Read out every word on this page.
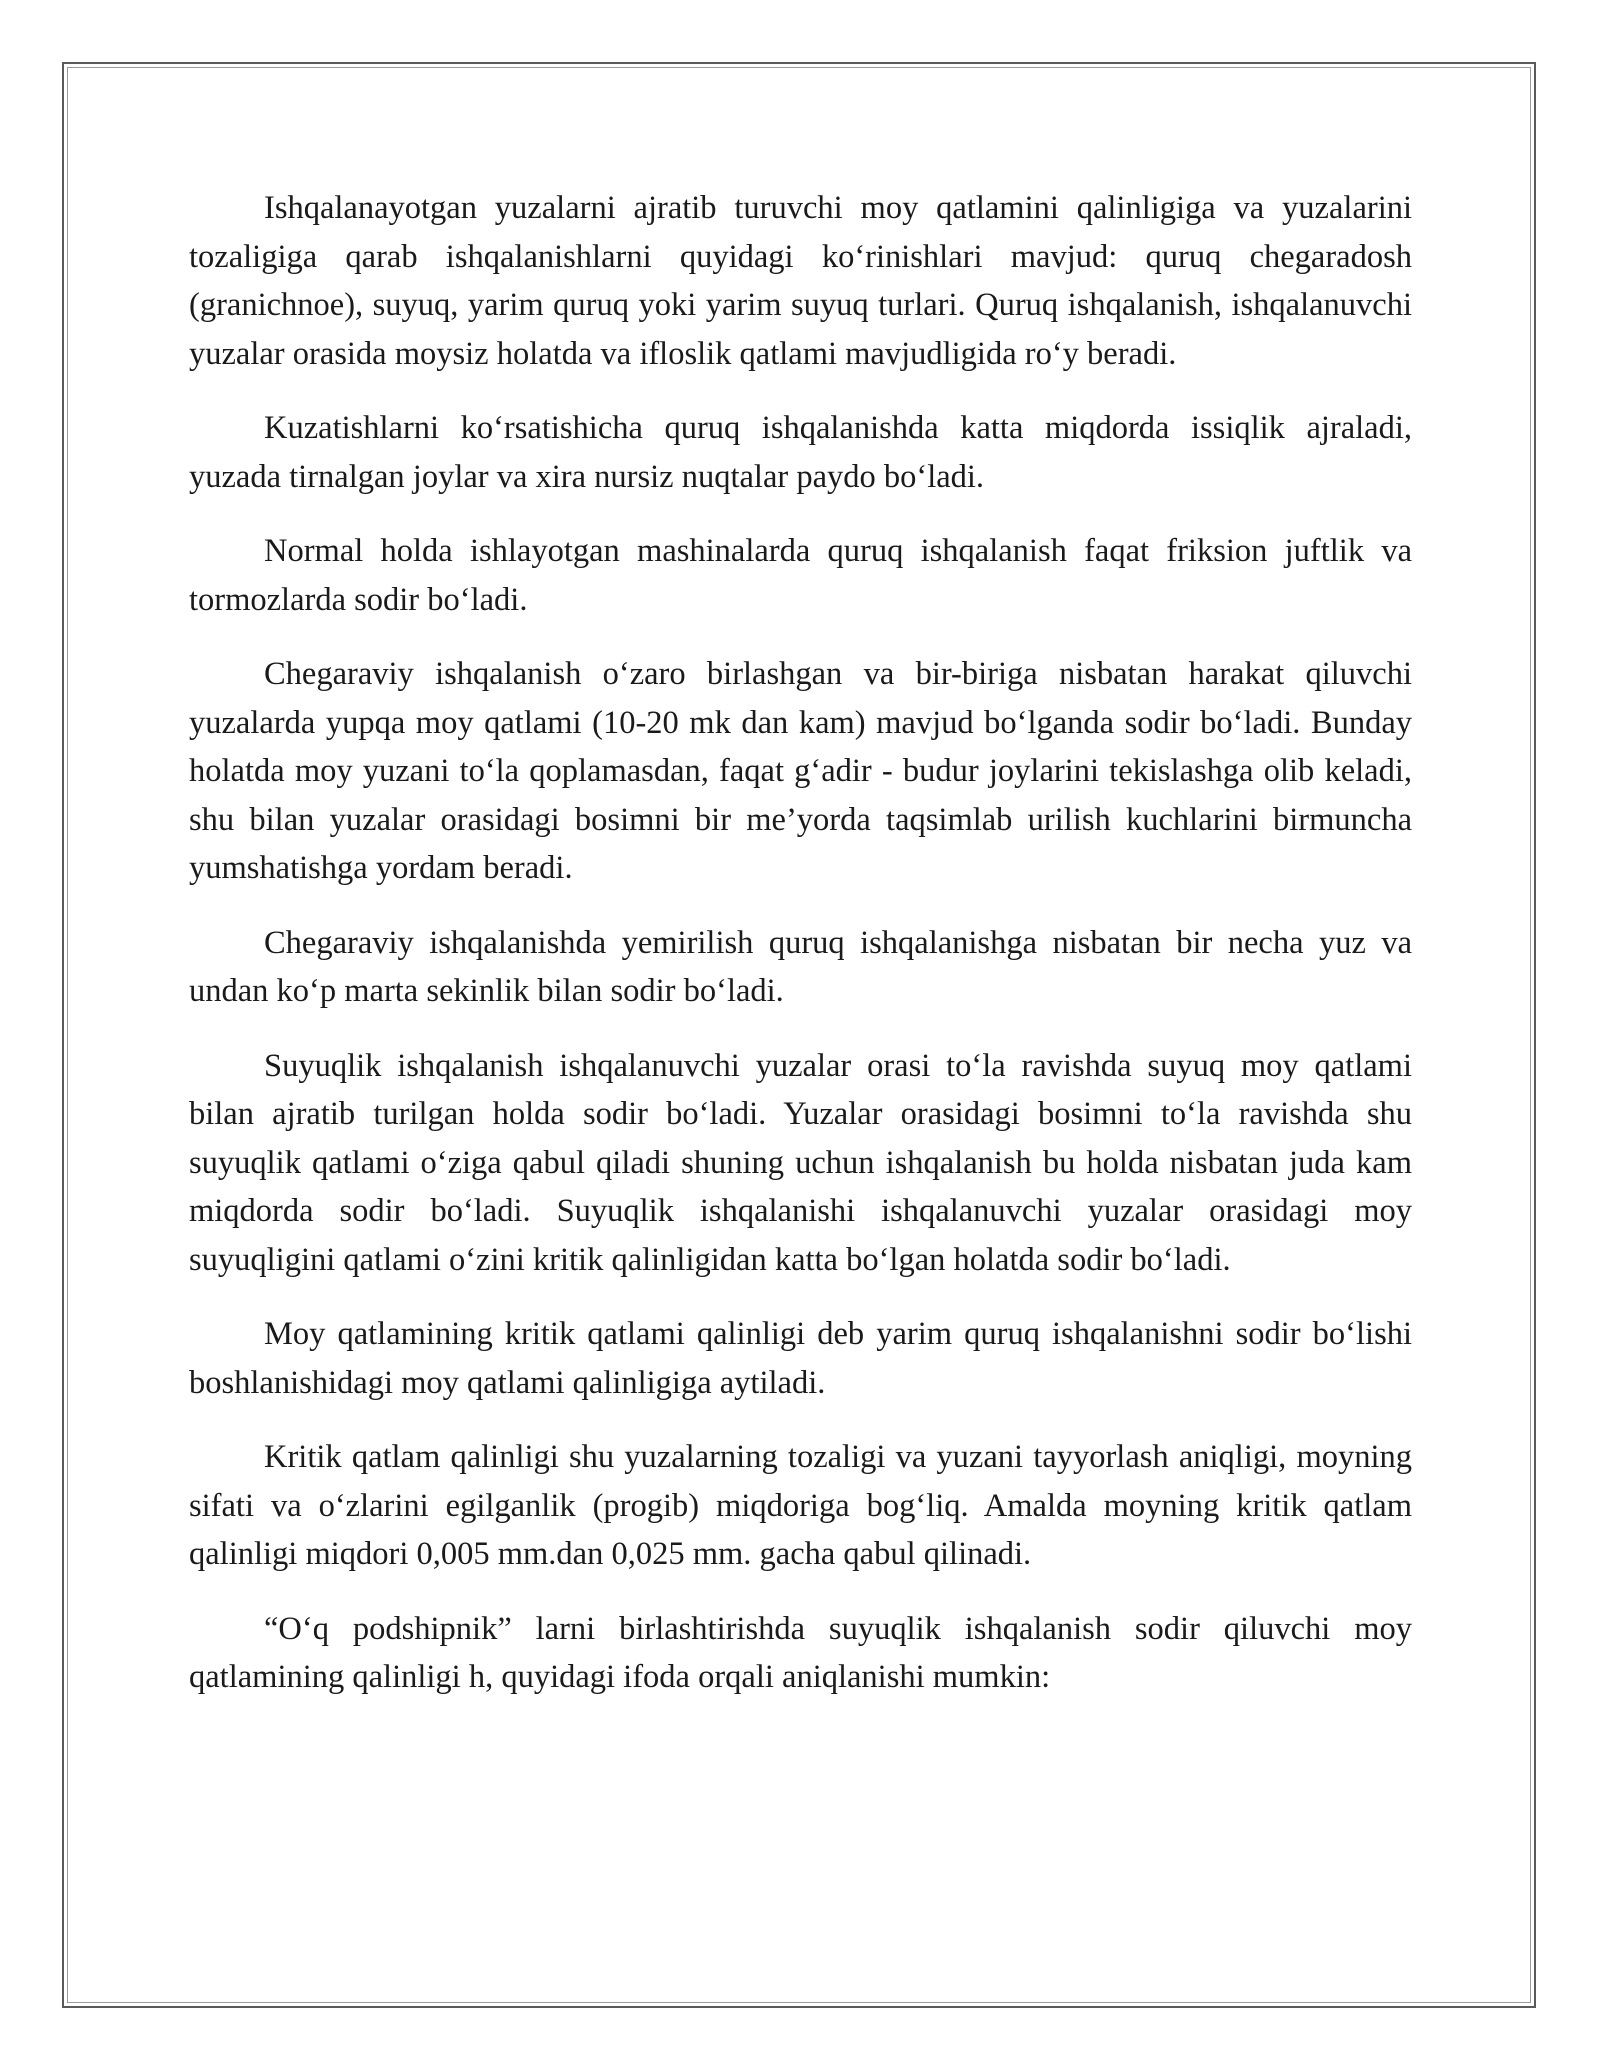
Ishqalanayotgan yuzalarni ajratib turuvchi moy qatlamini qalinligiga va yuzalarini tozaligiga qarab ishqalanishlarni quyidagi ko‘rinishlari mavjud: quruq chegaradosh (granichnoe), suyuq, yarim quruq yoki yarim suyuq turlari. Quruq ishqalanish, ishqalanuvchi yuzalar orasida moysiz holatda va ifloslik qatlami mavjudligida ro‘y beradi.

Kuzatishlarni ko‘rsatishicha quruq ishqalanishda katta miqdorda issiqlik ajraladi, yuzada tirnalgan joylar va xira nursiz nuqtalar paydo bo‘ladi.

Normal holda ishlayotgan mashinalarda quruq ishqalanish faqat friksion juftlik va tormozlarda sodir bo‘ladi.

Chegaraviy ishqalanish o‘zaro birlashgan va bir-biriga nisbatan harakat qiluvchi yuzalarda yupqa moy qatlami (10-20 mk dan kam) mavjud bo‘lganda sodir bo‘ladi. Bunday holatda moy yuzani to‘la qoplamasdan, faqat g‘adir - budur joylarini tekislashga olib keladi, shu bilan yuzalar orasidagi bosimni bir me’yorda taqsimlab urilish kuchlarini birmuncha yumshatishga yordam beradi.

Chegaraviy ishqalanishda yemirilish quruq ishqalanishga nisbatan bir necha yuz va undan ko‘p marta sekinlik bilan sodir bo‘ladi.

Suyuqlik ishqalanish ishqalanuvchi yuzalar orasi to‘la ravishda suyuq moy qatlami bilan ajratib turilgan holda sodir bo‘ladi. Yuzalar orasidagi bosimni to‘la ravishda shu suyuqlik qatlami o‘ziga qabul qiladi shuning uchun ishqalanish bu holda nisbatan juda kam miqdorda sodir bo‘ladi. Suyuqlik ishqalanishi ishqalanuvchi yuzalar orasidagi moy suyuqligini qatlami o‘zini kritik qalinligidan katta bo‘lgan holatda sodir bo‘ladi.

Moy qatlamining kritik qatlami qalinligi deb yarim quruq ishqalanishni sodir bo‘lishi boshlanishidagi moy qatlami qalinligiga aytiladi.

Kritik qatlam qalinligi shu yuzalarning tozaligi va yuzani tayyorlash aniqligi, moyning sifati va o‘zlarini egilganlik (progib) miqdoriga bog‘liq. Amalda moyning kritik qatlam qalinligi miqdori 0,005 mm.dan 0,025 mm. gacha qabul qilinadi.

“O‘q podshipnik” larni birlashtirishda suyuqlik ishqalanish sodir qiluvchi moy qatlamining qalinligi h, quyidagi ifoda orqali aniqlanishi mumkin:
